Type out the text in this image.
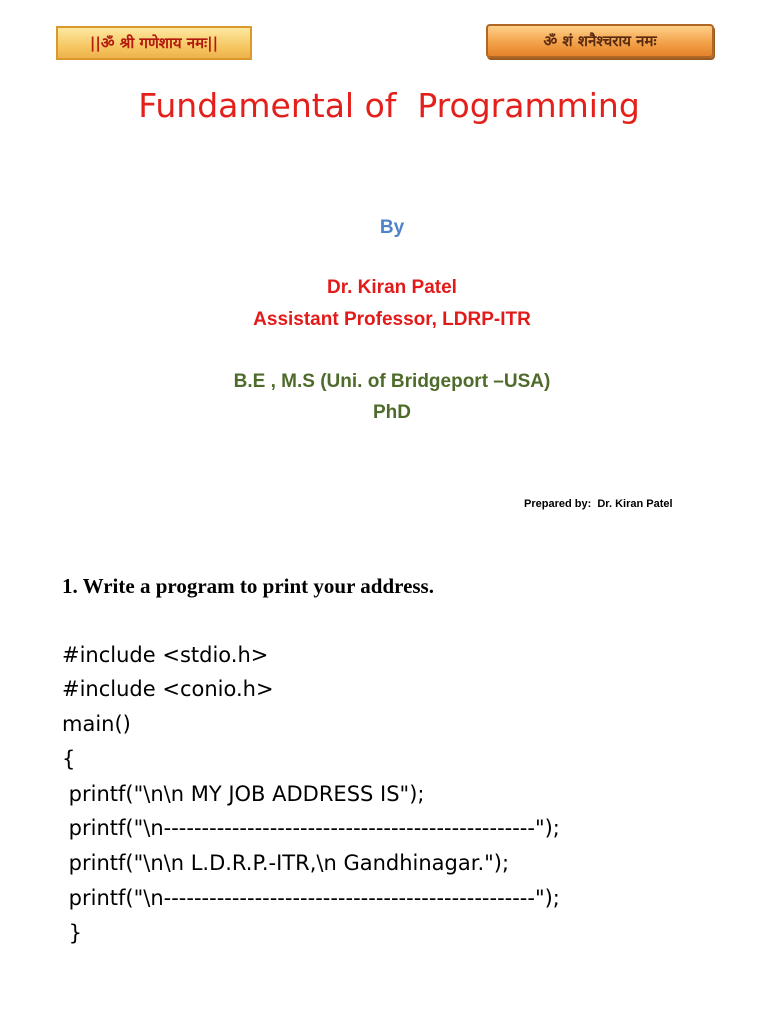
||ॐ श्री गणेशाय नमः||	ॐ शं शनैश्चराय नमः
Fundamental of  Programming
By
Dr. Kiran Patel
Assistant Professor, LDRP-ITR
B.E , M.S (Uni. of Bridgeport –USA)
PhD
Prepared by:  Dr. Kiran Patel
1. Write a program to print your address.
#include <stdio.h>
#include <conio.h>
main()
{
printf("\n\n MY JOB ADDRESS IS");
printf("\n-------------------------------------------------");
printf("\n\n L.D.R.P.-ITR,\n Gandhinagar.");
printf("\n-------------------------------------------------");
}
